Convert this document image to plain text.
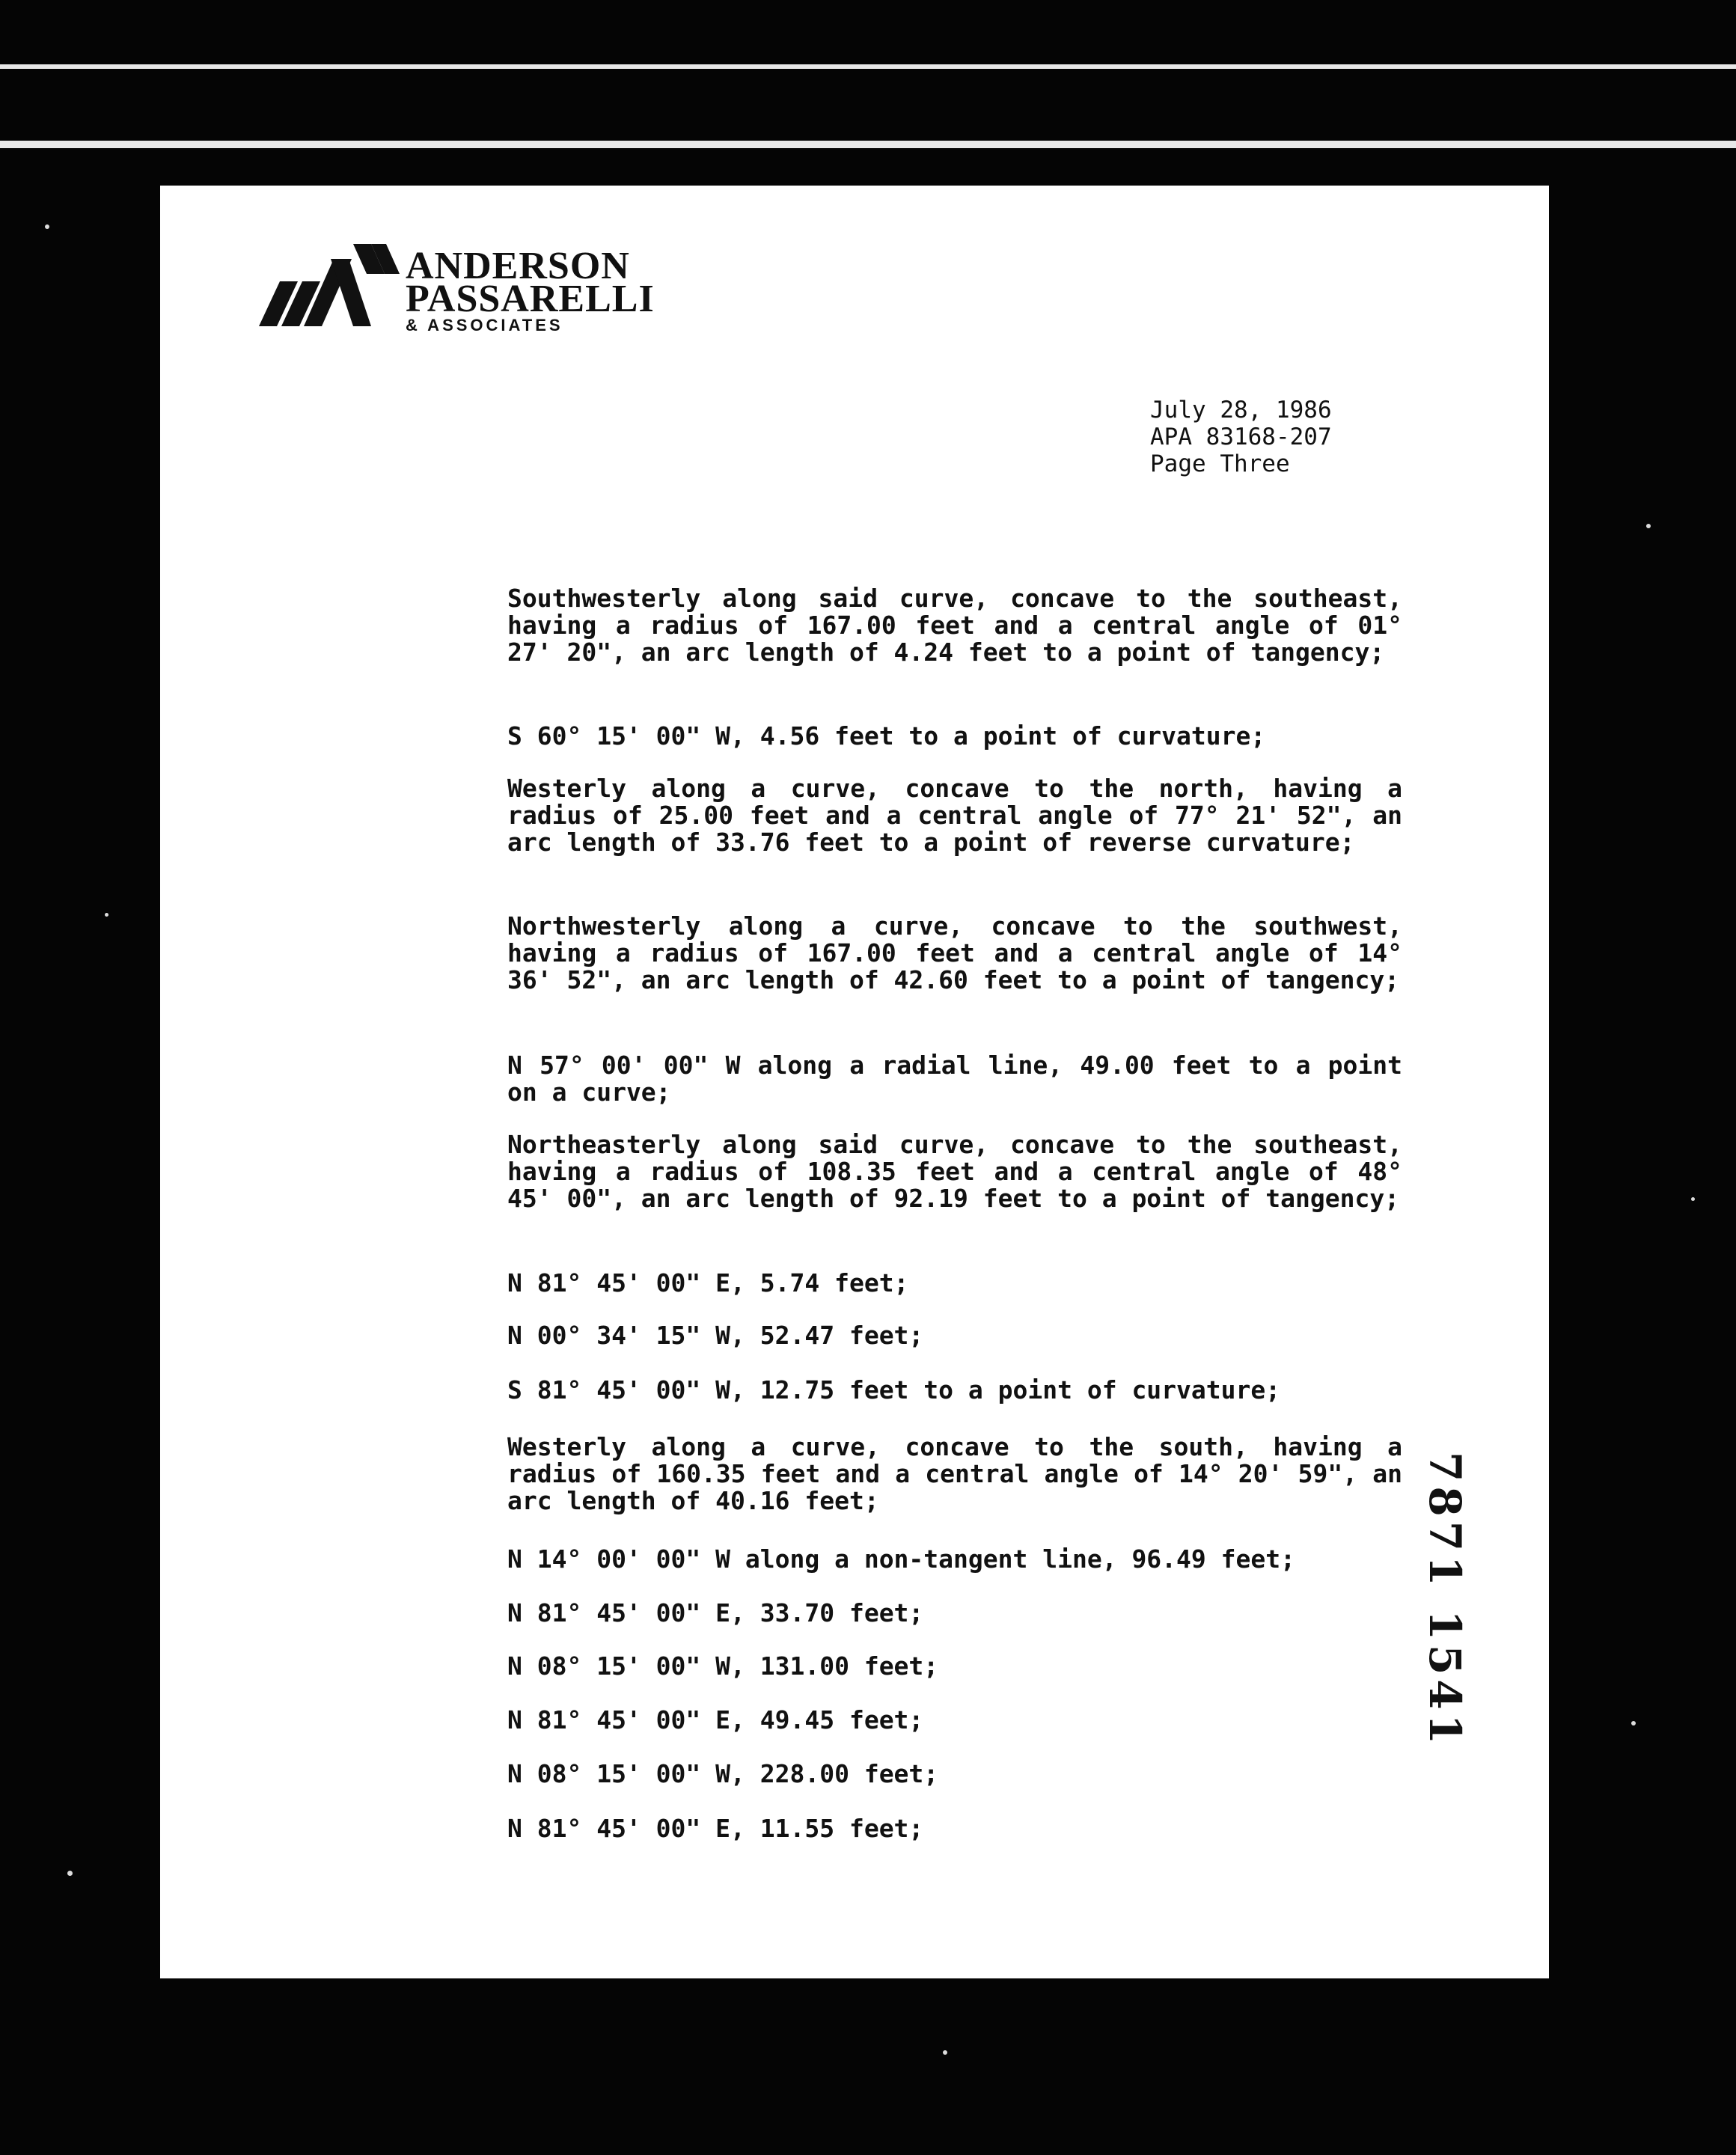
ANDERSON
PASSARELLI
& ASSOCIATES
July 28, 1986
APA 83168-207
Page Three
Southwesterly along said curve, concave to the southeast, having a radius of 167.00 feet and a central angle of 01° 27' 20", an arc length of 4.24 feet to a point of tangency;
S 60° 15' 00" W, 4.56 feet to a point of curvature;
Westerly along a curve, concave to the north, having a radius of 25.00 feet and a central angle of 77° 21' 52", an arc length of 33.76 feet to a point of reverse curvature;
Northwesterly along a curve, concave to the southwest, having a radius of 167.00 feet and a central angle of 14° 36' 52", an arc length of 42.60 feet to a point of tangency;
N 57° 00' 00" W along a radial line, 49.00 feet to a point on a curve;
Northeasterly along said curve, concave to the southeast, having a radius of 108.35 feet and a central angle of 48° 45' 00", an arc length of 92.19 feet to a point of tangency;
N 81° 45' 00" E, 5.74 feet;
N 00° 34' 15" W, 52.47 feet;
S 81° 45' 00" W, 12.75 feet to a point of curvature;
Westerly along a curve, concave to the south, having a radius of 160.35 feet and a central angle of 14° 20' 59", an arc length of 40.16 feet;
N 14° 00' 00" W along a non-tangent line, 96.49 feet;
N 81° 45' 00" E, 33.70 feet;
N 08° 15' 00" W, 131.00 feet;
N 81° 45' 00" E, 49.45 feet;
N 08° 15' 00" W, 228.00 feet;
N 81° 45' 00" E, 11.55 feet;
7871 1541
